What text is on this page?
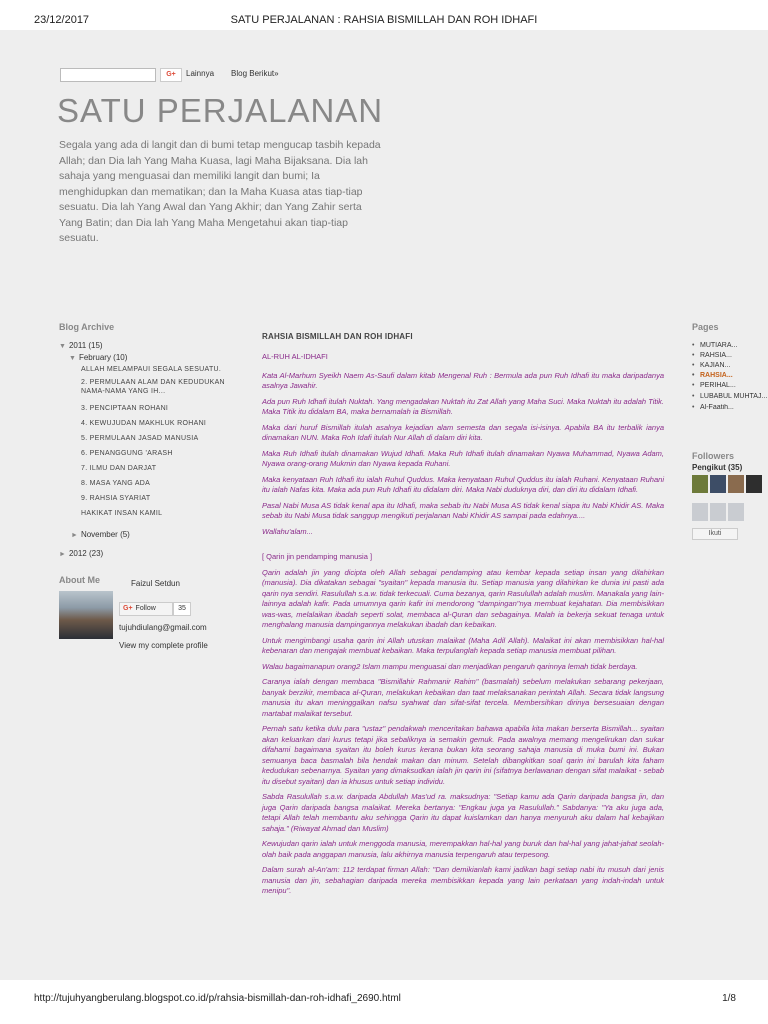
23/12/2017	SATU PERJALANAN : RAHSIA BISMILLAH DAN ROH IDHAFI
G+	Lainnya Blog Berikut»
SATU PERJALANAN
Segala yang ada di langit dan di bumi tetap mengucap tasbih kepada Allah; dan Dia lah Yang Maha Kuasa, lagi Maha Bijaksana. Dia lah sahaja yang menguasai dan memiliki langit dan bumi; Ia menghidupkan dan mematikan; dan Ia Maha Kuasa atas tiap-tiap sesuatu. Dia lah Yang Awal dan Yang Akhir; dan Yang Zahir serta Yang Batin; dan Dia lah Yang Maha Mengetahui akan tiap-tiap sesuatu.
Blog Archive
▼ 2011 (15)
▼ February (10)
ALLAH MELAMPAUI SEGALA SESUATU.
2. PERMULAAN ALAM DAN KEDUDUKAN NAMA-NAMA YANG IH...
3. PENCIPTAAN ROHANI
4. KEWUJUDAN MAKHLUK ROHANI
5. PERMULAAN JASAD MANUSIA
6. PENANGGUNG 'ARASH
7. ILMU DAN DARJAT
8. MASA YANG ADA
9. RAHSIA SYARIAT
HAKIKAT INSAN KAMIL
► November (5)
► 2012 (23)
About Me	Faizul Setdun
G+ Follow	35
tujuhdiulang@gmail.com
View my complete profile
RAHSIA BISMILLAH DAN ROH IDHAFI

AL-RUH AL-IDHAFI

Kata Al-Marhum Syeikh Naem As-Saufi dalam kitab Mengenal Ruh : Bermula ada pun Ruh Idhafi itu maka daripadanya asalnya Jawahir.

Ada pun Ruh Idhafi itulah Nuktah. Yang mengadakan Nuktah itu Zat Allah yang Maha Suci. Maka Nuktah itu adalah Titik. Maka Titik itu didalam BA, maka bernamalah ia Bismillah.

Maka dari huruf Bismillah itulah asalnya kejadian alam semesta dan segala isi-isinya. Apabila BA itu terbalik ianya dinamakan NUN. Maka Roh Idafi itulah Nur Allah di dalam diri kita.

Maka Ruh Idhafi itulah dinamakan Wujud Idhafi. Maka Ruh Idhafi itulah dinamakan Nyawa Muhammad, Nyawa Adam, Nyawa orang-orang Mukmin dan Nyawa kepada Ruhani.

Maka kenyataan Ruh Idhafi itu ialah Ruhul Quddus. Maka kenyataan Ruhul Quddus itu ialah Ruhani. Kenyataan Ruhani itu ialah Nafas kita. Maka ada pun Ruh Idhafi itu didalam diri. Maka Nabi duduknya diri, dan diri itu didalam Idhafi.

Pasal Nabi Musa AS tidak kenal apa itu Idhafi, maka sebab itu Nabi Musa AS tidak kenal siapa itu Nabi Khidir AS. Maka sebab itu Nabi Musa tidak sanggup mengikuti perjalanan Nabi Khidir AS sampai pada edahnya....

Wallahu'alam...

[ Qarin jin pendamping manusia ]

Qarin adalah jin yang dicipta oleh Allah sebagai pendamping atau kembar kepada setiap insan yang dilahirkan (manusia). Dia dikatakan sebagai "syaitan" kepada manusia itu. Setiap manusia yang dilahirkan ke dunia ini pasti ada qarin nya sendiri. Rasulullah s.a.w. tidak terkecuali. Cuma bezanya, qarin Rasulullah adalah muslim. Manakala yang lain-lainnya adalah kafir. Pada umumnya qarin kafir ini mendorong "dampingan"nya membuat kejahatan. Dia membisikkan was-was, melalaikan ibadah seperti solat, membaca al-Quran dan sebagainya. Malah ia bekerja sekuat tenaga untuk menghalang manusia dampingannya melakukan ibadah dan kebaikan.

Untuk mengimbangi usaha qarin ini Allah utuskan malaikat (Maha Adil Allah). Malaikat ini akan membisikkan hal-hal kebenaran dan mengajak membuat kebaikan. Maka terpulanglah kepada setiap manusia membuat pilihan.

Walau bagaimanapun orang2 Islam mampu menguasai dan menjadikan pengaruh qarinnya lemah tidak berdaya.

Caranya ialah dengan membaca "Bismillahir Rahmanir Rahim" (basmalah) sebelum melakukan sebarang pekerjaan, banyak berzikir, membaca al-Quran, melakukan kebaikan dan taat melaksanakan perintah Allah. Secara tidak langsung manusia itu akan meninggalkan nafsu syahwat dan sifat-sifat tercela. Membersihkan dirinya bersesuaian dengan martabat malaikat tersebut.

Pernah satu ketika dulu para "ustaz" pendakwah menceritakan bahawa apabila kita makan berserta Bismillah... syaitan akan keluarkan dari kurus tetapi jika sebaliknya ia semakin gemuk. Pada awalnya memang mengelirukan dan sukar difahami bagaimana syaitan itu boleh kurus kerana bukan kita seorang sahaja manusia di muka bumi ini. Bukan semuanya baca basmalah bila hendak makan dan minum. Setelah dibangkitkan soal qarin ini barulah kita faham kedudukan sebenarnya. Syaitan yang dimaksudkan ialah jin qarin ini (sifatnya berlawanan dengan sifat malaikat - sebab itu disebut syaitan) dan ia khusus untuk setiap individu.

Sabda Rasulullah s.a.w. daripada Abdullah Mas'ud ra. maksudnya: "Setiap kamu ada Qarin daripada bangsa jin, dan juga Qarin daripada bangsa malaikat. Mereka bertanya: "Engkau juga ya Rasulullah." Sabdanya: "Ya aku juga ada, tetapi Allah telah membantu aku sehingga Qarin itu dapat kuislamkan dan hanya menyuruh aku dalam hal kebajikan sahaja." (Riwayat Ahmad dan Muslim)

Kewujudan qarin ialah untuk menggoda manusia, merempakkan hal-hal yang buruk dan hal-hal yang jahat-jahat seolah-olah baik pada anggapan manusia, lalu akhirnya manusia terpengaruh atau terpesong.

Dalam surah al-An'am: 112 terdapat firman Allah: "Dan demikianlah kami jadikan bagi setiap nabi itu musuh dari jenis manusia dan jin, sebahagian daripada mereka membisikkan kepada yang lain perkataan yang indah-indah untuk menipu".

Pages
• MUTIARA...
• RAHSIA...
• KAJIAN...
• RAHSIA...
• PERIHAL...
• LUBABUL MUHTAJ...
• Al-Faatih...
Followers
Pengikut (35)
Ikuti
http://tujuhyangberulang.blogspot.co.id/p/rahsia-bismillah-dan-roh-idhafi_2690.html	1/8
